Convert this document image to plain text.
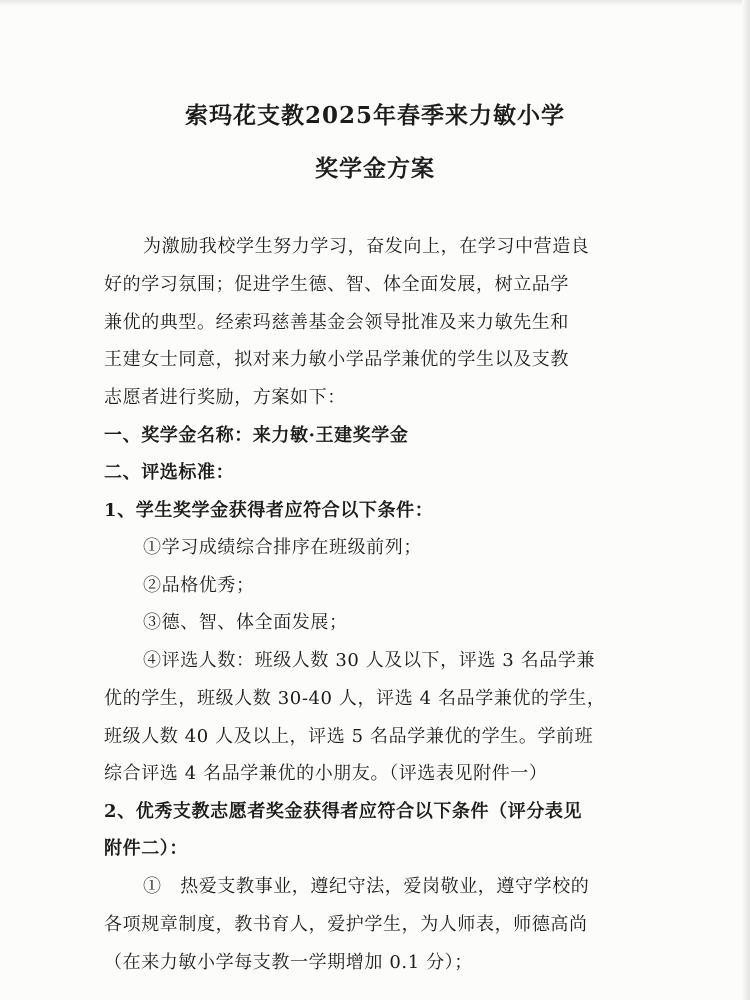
索玛花支教2025年春季来力敏小学
奖学金方案
为激励我校学生努力学习，奋发向上，在学习中营造良
好的学习氛围；促进学生德、智、体全面发展，树立品学
兼优的典型。经索玛慈善基金会领导批准及来力敏先生和
王建女士同意，拟对来力敏小学品学兼优的学生以及支教
志愿者进行奖励，方案如下：
一、奖学金名称：来力敏·王建奖学金
二、评选标准：
1、学生奖学金获得者应符合以下条件：
①学习成绩综合排序在班级前列；
②品格优秀；
③德、智、体全面发展；
④评选人数：班级人数 30 人及以下，评选 3 名品学兼
优的学生，班级人数 30-40 人，评选 4 名品学兼优的学生，
班级人数 40 人及以上，评选 5 名品学兼优的学生。学前班
综合评选 4 名品学兼优的小朋友。（评选表见附件一）
2、优秀支教志愿者奖金获得者应符合以下条件（评分表见
附件二）：
①　热爱支教事业，遵纪守法，爱岗敬业，遵守学校的
各项规章制度，教书育人，爱护学生，为人师表，师德高尚
（在来力敏小学每支教一学期增加 0.1 分）；
